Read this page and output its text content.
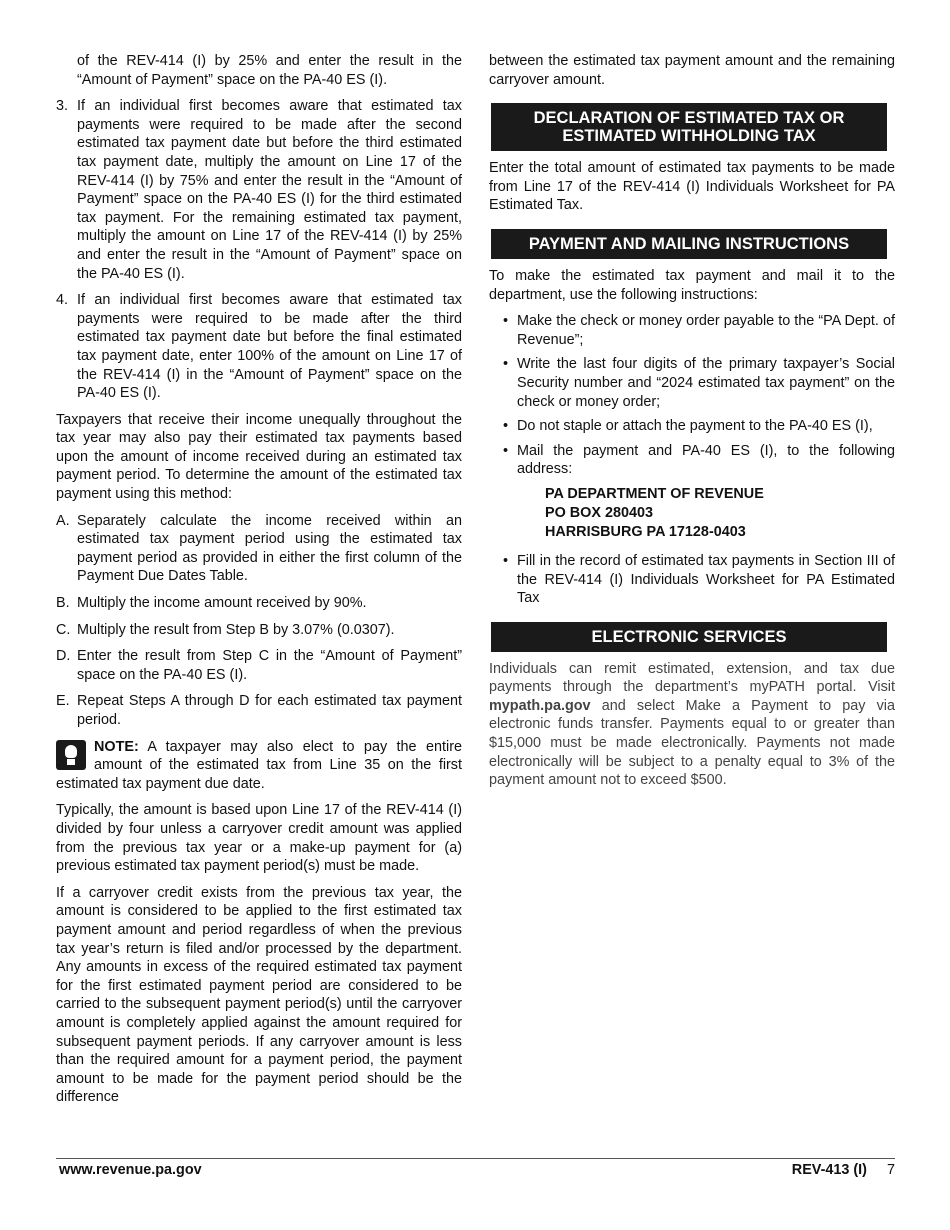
of the REV-414 (I) by 25% and enter the result in the “Amount of Payment” space on the PA-40 ES (I).

3. If an individual first becomes aware that estimated tax payments were required to be made after the second estimated tax payment date but before the third estimated tax payment date, multiply the amount on Line 17 of the REV-414 (I) by 75% and enter the result in the “Amount of Payment” space on the PA-40 ES (I) for the third estimated tax payment. For the remaining estimated tax payment, multiply the amount on Line 17 of the REV-414 (I) by 25% and enter the result in the “Amount of Payment” space on the PA-40 ES (I).
4. If an individual first becomes aware that estimated tax payments were required to be made after the third estimated tax payment date but before the final estimated tax payment date, enter 100% of the amount on Line 17 of the REV-414 (I) in the “Amount of Payment” space on the PA-40 ES (I).

Taxpayers that receive their income unequally throughout the tax year may also pay their estimated tax payments based upon the amount of income received during an estimated tax payment period. To determine the amount of the estimated tax payment using this method:

A. Separately calculate the income received within an estimated tax payment period using the estimated tax payment period as provided in either the first column of the Payment Due Dates Table.
B. Multiply the income amount received by 90%.
C. Multiply the result from Step B by 3.07% (0.0307).
D. Enter the result from Step C in the “Amount of Payment” space on the PA-40 ES (I).
E. Repeat Steps A through D for each estimated tax payment period.
NOTE: A taxpayer may also elect to pay the entire amount of the estimated tax from Line 35 on the first estimated tax payment due date.

Typically, the amount is based upon Line 17 of the REV-414 (I) divided by four unless a carryover credit amount was applied from the previous tax year or a make-up payment for (a) previous estimated tax payment period(s) must be made.

If a carryover credit exists from the previous tax year, the amount is considered to be applied to the first estimated tax payment amount and period regardless of when the previous tax year’s return is filed and/or processed by the department. Any amounts in excess of the required estimated tax payment for the first estimated payment period are considered to be carried to the subsequent payment period(s) until the carryover amount is completely applied against the amount required for subsequent payment periods. If any carryover amount is less than the required amount for a payment period, the payment amount to be made for the payment period should be the difference

between the estimated tax payment amount and the remaining carryover amount.

DECLARATION OF ESTIMATED TAX OR ESTIMATED WITHHOLDING TAX

Enter the total amount of estimated tax payments to be made from Line 17 of the REV-414 (I) Individuals Worksheet for PA Estimated Tax.

PAYMENT AND MAILING INSTRUCTIONS

To make the estimated tax payment and mail it to the department, use the following instructions:

• Make the check or money order payable to the “PA Dept. of Revenue”;
• Write the last four digits of the primary taxpayer’s Social Security number and “2024 estimated tax payment” on the check or money order;
• Do not staple or attach the payment to the PA-40 ES (I),
• Mail the payment and PA-40 ES (I), to the following address:
PA DEPARTMENT OF REVENUE
PO BOX 280403
HARRISBURG PA 17128-0403
• Fill in the record of estimated tax payments in Section III of the REV-414 (I) Individuals Worksheet for PA Estimated Tax
ELECTRONIC SERVICES

Individuals can remit estimated, extension, and tax due payments through the department’s myPATH portal. Visit mypath.pa.gov and select Make a Payment to pay via electronic funds transfer. Payments equal to or greater than $15,000 must be made electronically. Payments not made electronically will be subject to a penalty equal to 3% of the payment amount not to exceed $500.

www.revenue.pa.gov	REV-413 (I) 7
